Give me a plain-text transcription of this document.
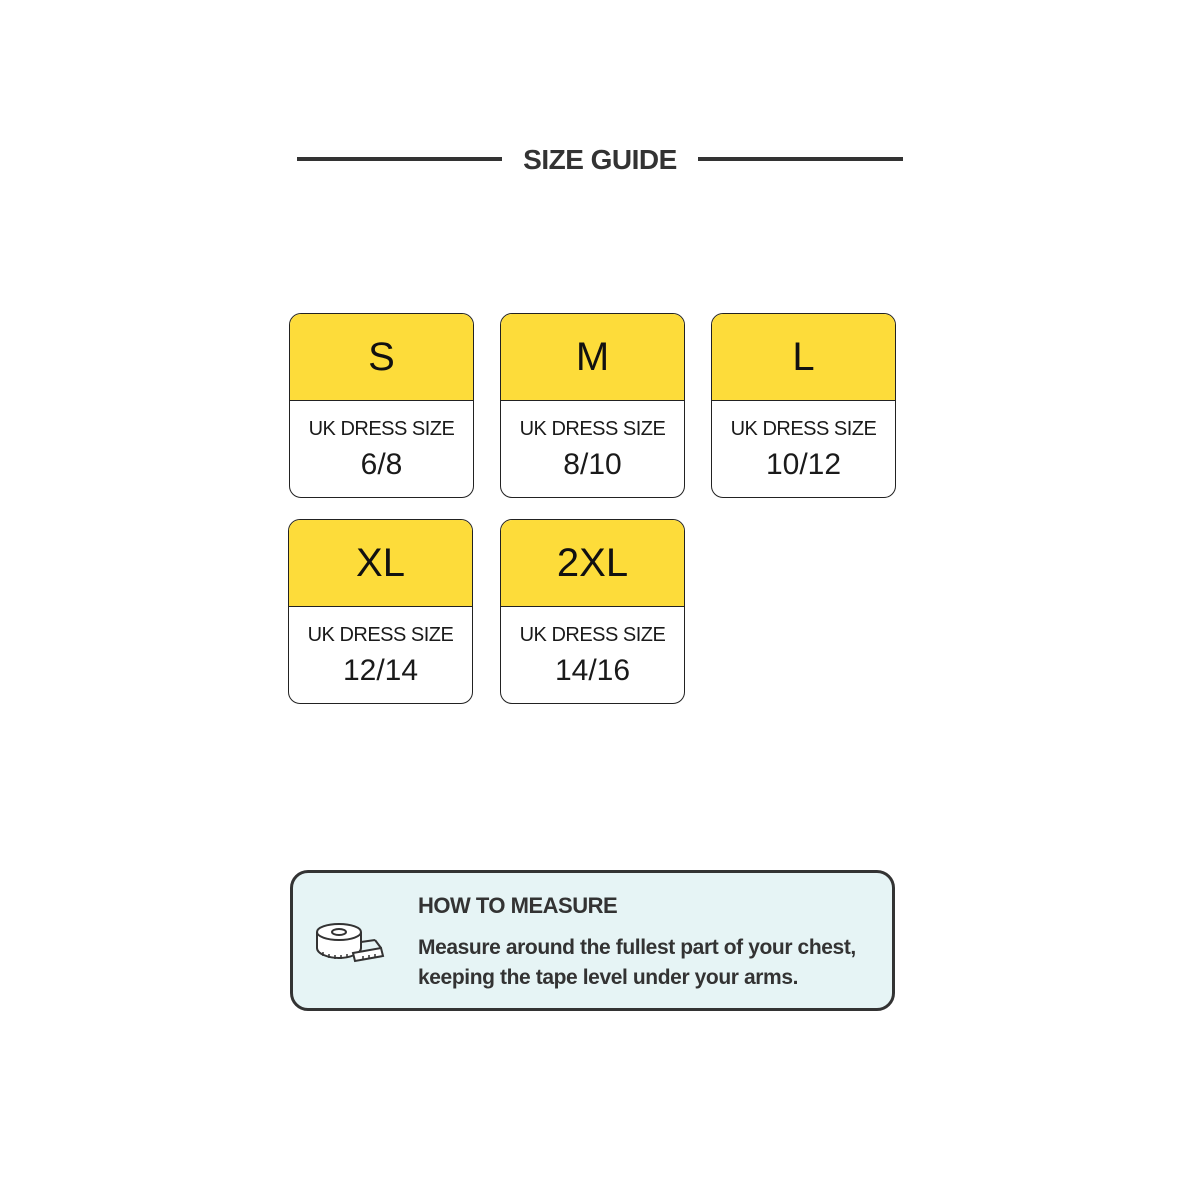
SIZE GUIDE
S
UK DRESS SIZE
6/8
M
UK DRESS SIZE
8/10
L
UK DRESS SIZE
10/12
XL
UK DRESS SIZE
12/14
2XL
UK DRESS SIZE
14/16
HOW TO MEASURE
Measure around the fullest part of your chest, keeping the tape level under your arms.
